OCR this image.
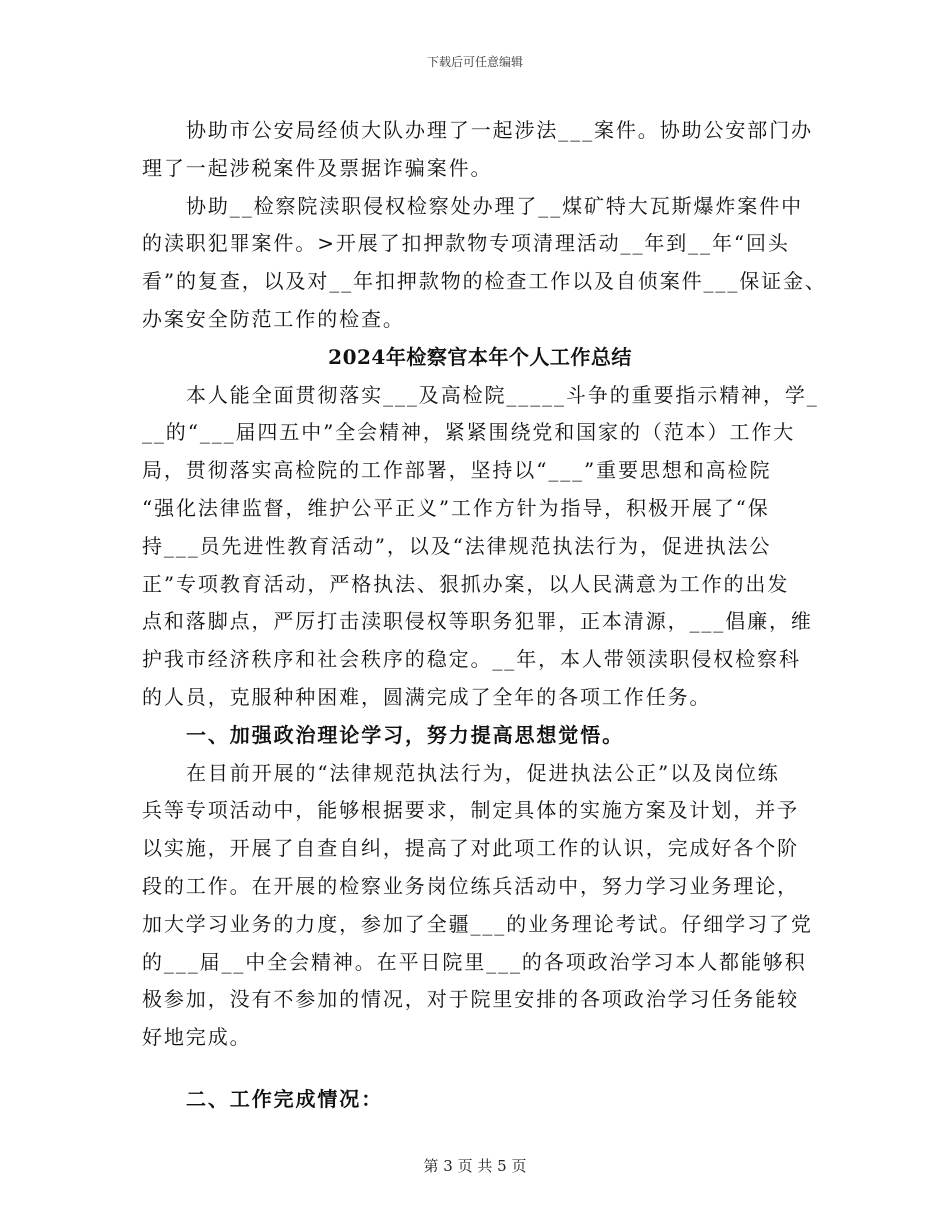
下载后可任意编辑
协助市公安局经侦大队办理了一起涉法___案件。协助公安部门办
理了一起涉税案件及票据诈骗案件。
协助__检察院渎职侵权检察处办理了__煤矿特大瓦斯爆炸案件中
的渎职犯罪案件。>开展了扣押款物专项清理活动__年到__年“回头
看”的复查，以及对__年扣押款物的检查工作以及自侦案件___保证金、
办案安全防范工作的检查。
2024年检察官本年个人工作总结
本人能全面贯彻落实___及高检院_____斗争的重要指示精神，学_
__的“___届四五中”全会精神，紧紧围绕党和国家的（范本）工作大
局，贯彻落实高检院的工作部署，坚持以“___”重要思想和高检院
“强化法律监督，维护公平正义”工作方针为指导，积极开展了“保
持___员先进性教育活动”，以及“法律规范执法行为，促进执法公
正”专项教育活动，严格执法、狠抓办案，以人民满意为工作的出发
点和落脚点，严厉打击渎职侵权等职务犯罪，正本清源，___倡廉，维
护我市经济秩序和社会秩序的稳定。__年，本人带领渎职侵权检察科
的人员，克服种种困难，圆满完成了全年的各项工作任务。
一、加强政治理论学习，努力提高思想觉悟。
在目前开展的“法律规范执法行为，促进执法公正”以及岗位练
兵等专项活动中，能够根据要求，制定具体的实施方案及计划，并予
以实施，开展了自查自纠，提高了对此项工作的认识，完成好各个阶
段的工作。在开展的检察业务岗位练兵活动中，努力学习业务理论，
加大学习业务的力度，参加了全疆___的业务理论考试。仔细学习了党
的___届__中全会精神。在平日院里___的各项政治学习本人都能够积
极参加，没有不参加的情况，对于院里安排的各项政治学习任务能较
好地完成。
二、工作完成情况：
第 3 页 共 5 页
